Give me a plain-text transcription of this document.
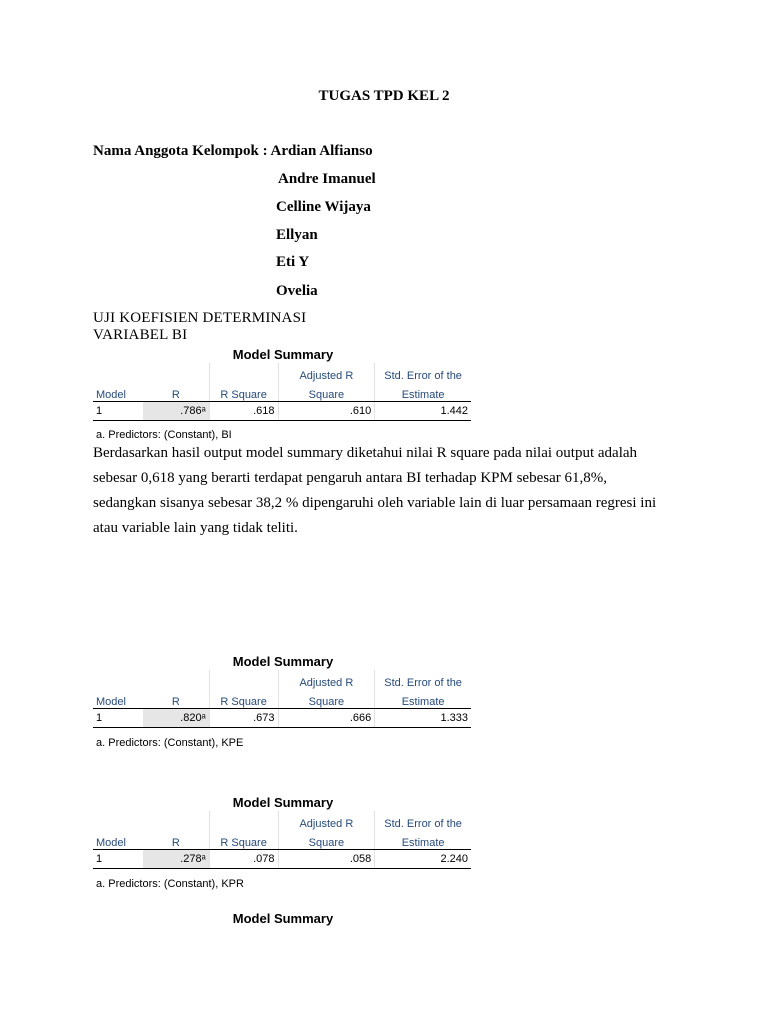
TUGAS TPD KEL 2
Nama Anggota Kelompok : Ardian Alfianso
Andre Imanuel
Celline Wijaya
Ellyan
Eti Y
Ovelia
UJI KOEFISIEN DETERMINASI
VARIABEL BI
Model Summary
			Adjusted R	Std. Error of the
Model	R	R Square	Square	Estimate
1	.786ᵃ	.618	.610	1.442
a. Predictors: (Constant), BI
Berdasarkan hasil output model summary diketahui nilai R square pada nilai output adalah
sebesar 0,618 yang berarti terdapat pengaruh antara BI terhadap KPM sebesar 61,8%,
sedangkan sisanya sebesar 38,2 % dipengaruhi oleh variable lain di luar persamaan regresi ini
atau variable lain yang tidak teliti.
Model Summary
			Adjusted R	Std. Error of the
Model	R	R Square	Square	Estimate
1	.820ᵃ	.673	.666	1.333
a. Predictors: (Constant), KPE
Model Summary
			Adjusted R	Std. Error of the
Model	R	R Square	Square	Estimate
1	.278ᵃ	.078	.058	2.240
a. Predictors: (Constant), KPR
Model Summary
